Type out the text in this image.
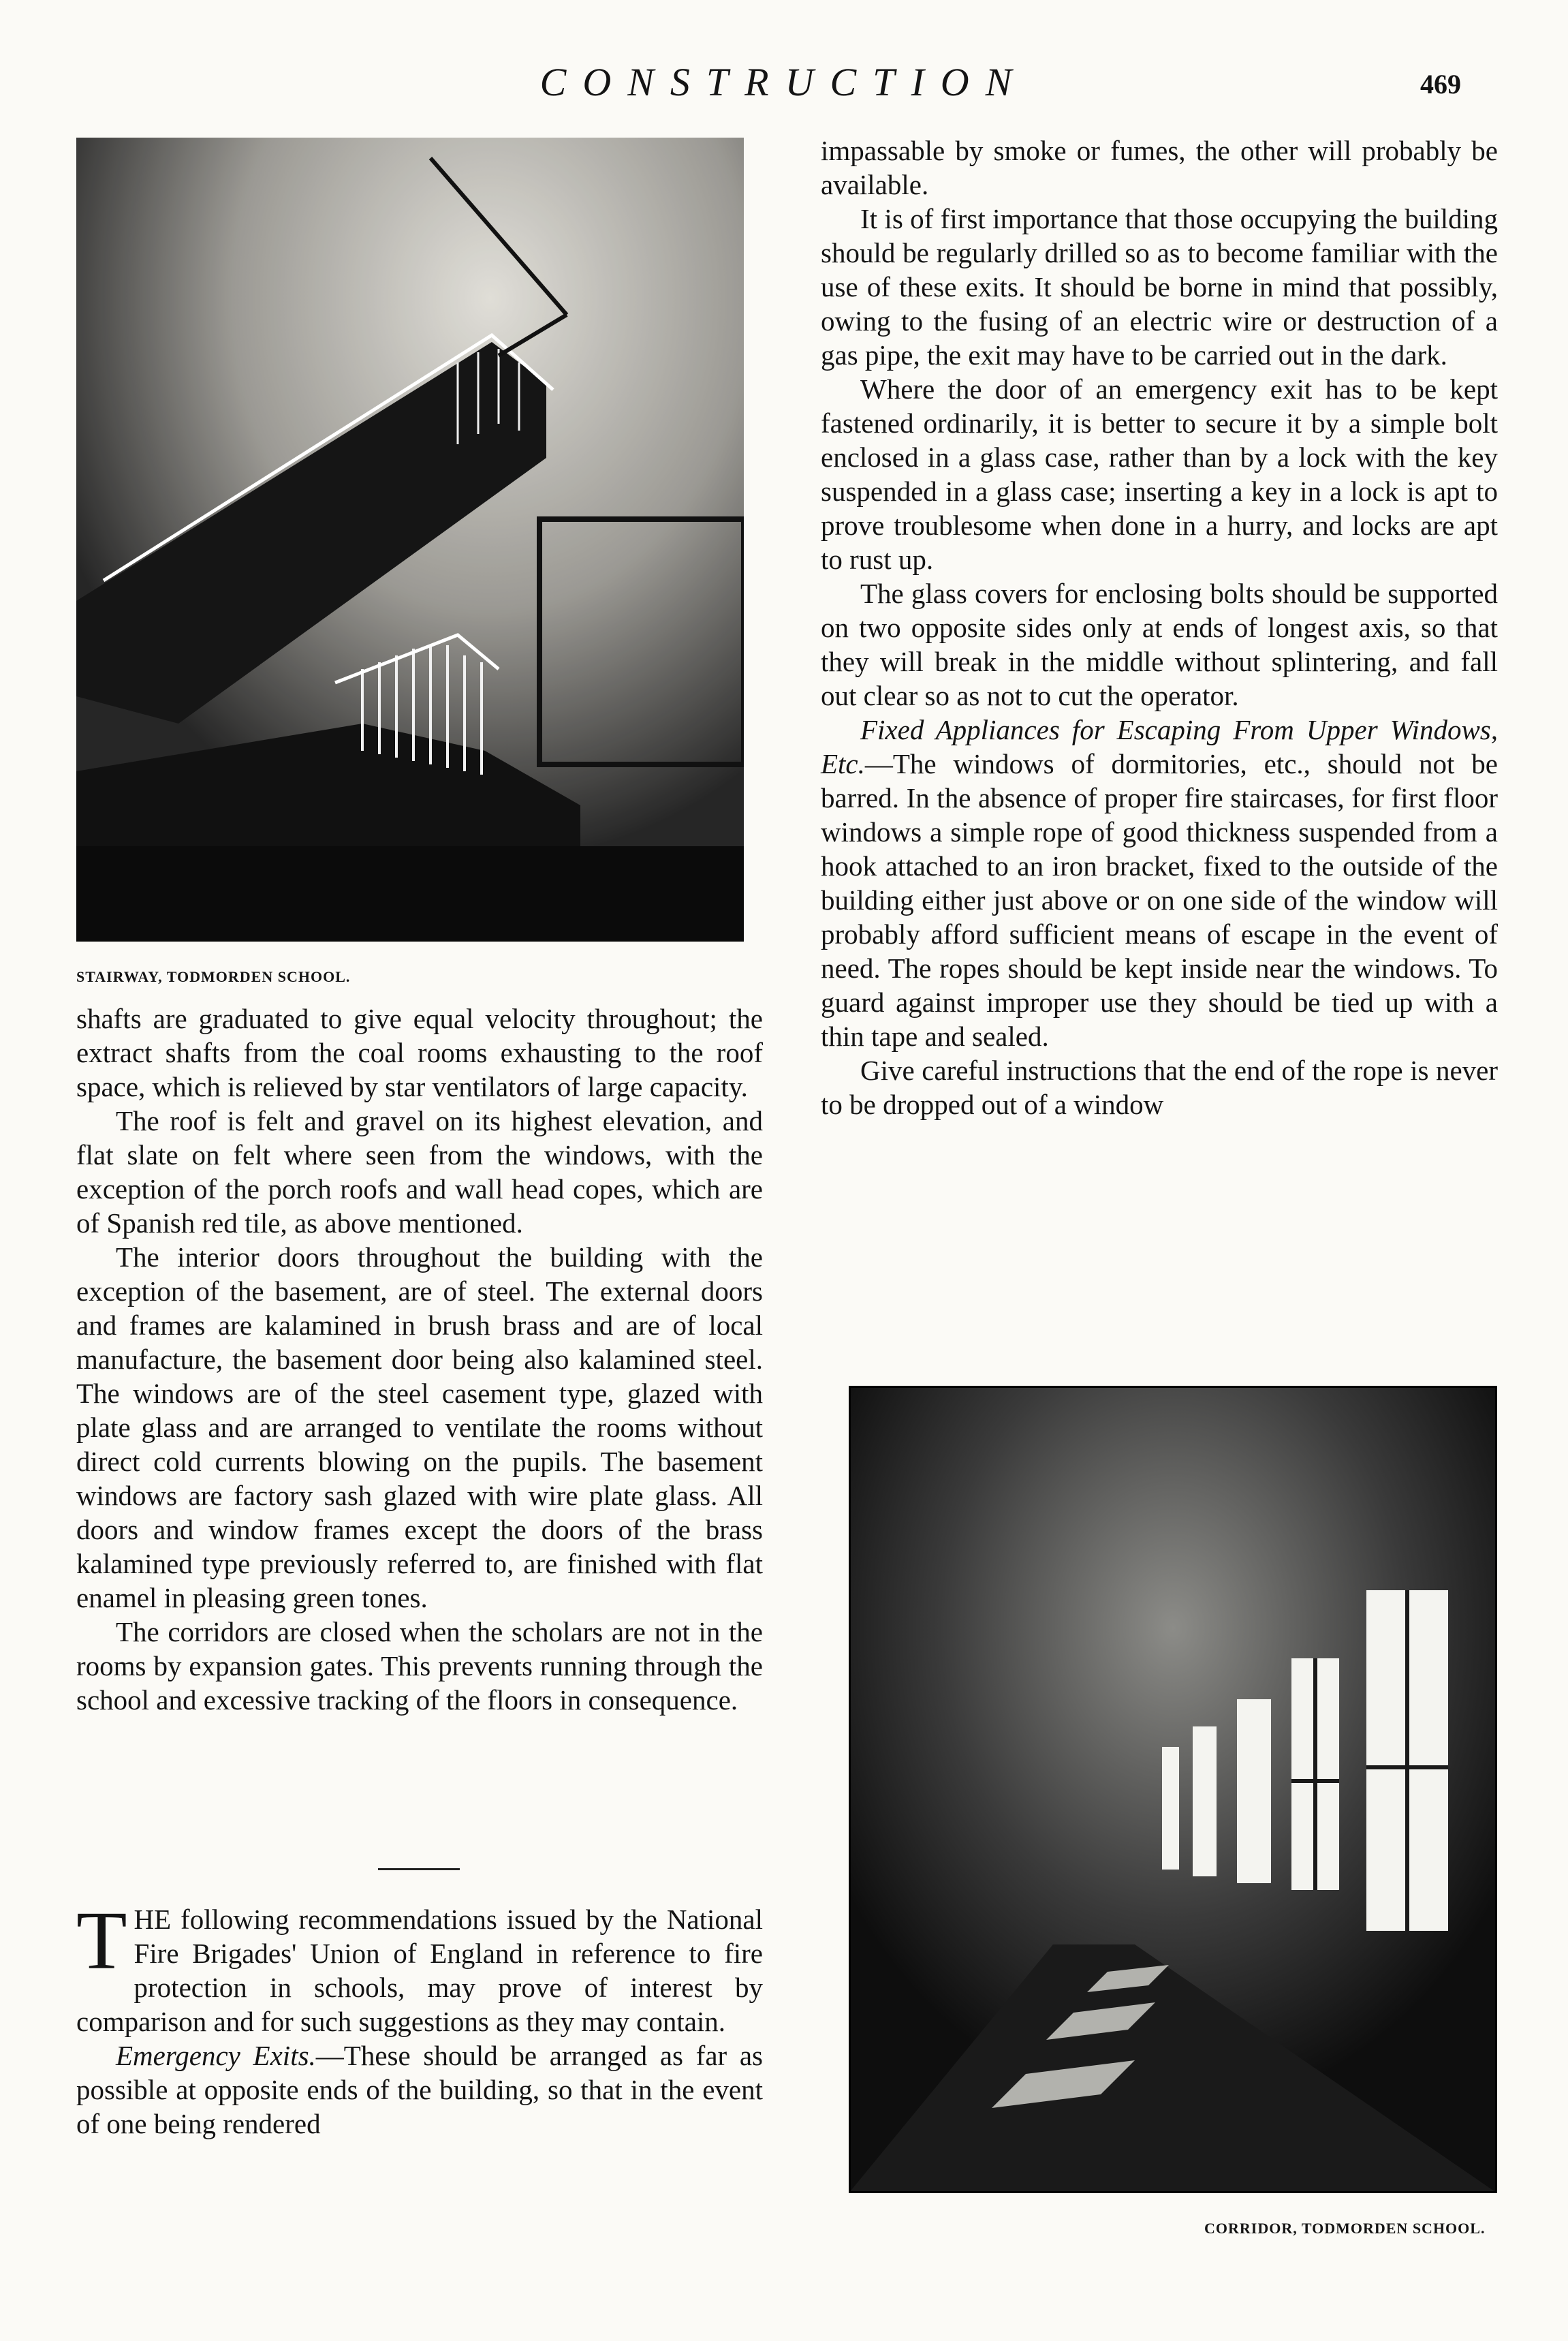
CONSTRUCTION	469
STAIRWAY, TODMORDEN SCHOOL.

shafts are graduated to give equal velocity throughout; the extract shafts from the coal rooms exhausting to the roof space, which is relieved by star ventilators of large capacity.

The roof is felt and gravel on its highest elevation, and flat slate on felt where seen from the windows, with the exception of the porch roofs and wall head copes, which are of Spanish red tile, as above mentioned.

The interior doors throughout the building with the exception of the basement, are of steel. The external doors and frames are kalamined in brush brass and are of local manufacture, the basement door being also kalamined steel. The windows are of the steel casement type, glazed with plate glass and are arranged to ventilate the rooms without direct cold currents blowing on the pupils. The basement windows are factory sash glazed with wire plate glass. All doors and window frames except the doors of the brass kalamined type previously referred to, are finished with flat enamel in pleasing green tones.

The corridors are closed when the scholars are not in the rooms by expansion gates. This prevents running through the school and excessive tracking of the floors in consequence.

THE following recommendations issued by the National Fire Brigades' Union of England in reference to fire protection in schools, may prove of interest by comparison and for such suggestions as they may contain.

Emergency Exits.—These should be arranged as far as possible at opposite ends of the building, so that in the event of one being rendered

impassable by smoke or fumes, the other will probably be available.

It is of first importance that those occupying the building should be regularly drilled so as to become familiar with the use of these exits. It should be borne in mind that possibly, owing to the fusing of an electric wire or destruction of a gas pipe, the exit may have to be carried out in the dark.

Where the door of an emergency exit has to be kept fastened ordinarily, it is better to secure it by a simple bolt enclosed in a glass case, rather than by a lock with the key suspended in a glass case; inserting a key in a lock is apt to prove troublesome when done in a hurry, and locks are apt to rust up.

The glass covers for enclosing bolts should be supported on two opposite sides only at ends of longest axis, so that they will break in the middle without splintering, and fall out clear so as not to cut the operator.

Fixed Appliances for Escaping From Upper Windows, Etc.—The windows of dormitories, etc., should not be barred. In the absence of proper fire staircases, for first floor windows a simple rope of good thickness suspended from a hook attached to an iron bracket, fixed to the outside of the building either just above or on one side of the window will probably afford sufficient means of escape in the event of need. The ropes should be kept inside near the windows. To guard against improper use they should be tied up with a thin tape and sealed.

Give careful instructions that the end of the rope is never to be dropped out of a window

CORRIDOR, TODMORDEN SCHOOL.
